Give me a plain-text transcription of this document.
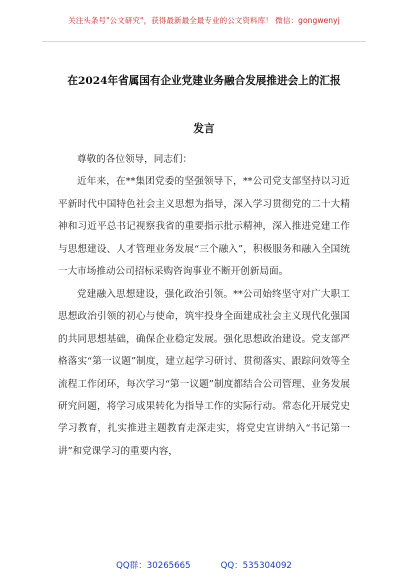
关注头条号"公文研究"，获得最新最全最专业的公文资料库！ 微信：gongwenyj
在2024年省属国有企业党建业务融合发展推进会上的汇报
发言

尊敬的各位领导，同志们：

近年来，在**集团党委的坚强领导下，**公司党支部坚持以习近平新时代中国特色社会主义思想为指导，深入学习贯彻党的二十大精神和习近平总书记视察我省的重要指示批示精神，深入推进党建工作与思想建设、人才管理业务发展“三个融入”，积极服务和融入全国统一大市场推动公司招标采购咨询事业不断开创新局面。

党建融入思想建设，强化政治引领。**公司始终坚守对广大职工思想政治引领的初心与使命，筑牢投身全面建成社会主义现代化强国的共同思想基础，确保企业稳定发展。强化思想政治建设。党支部严格落实“第一议题”制度，建立起学习研讨、贯彻落实、跟踪问效等全流程工作闭环，每次学习“第一议题”制度都结合公司管理、业务发展研究问题，将学习成果转化为指导工作的实际行动。常态化开展党史学习教育，扎实推进主题教育走深走实，将党史宣讲纳入“书记第一讲”和党课学习的重要内容，

QQ群：30265665	QQ：535304092
